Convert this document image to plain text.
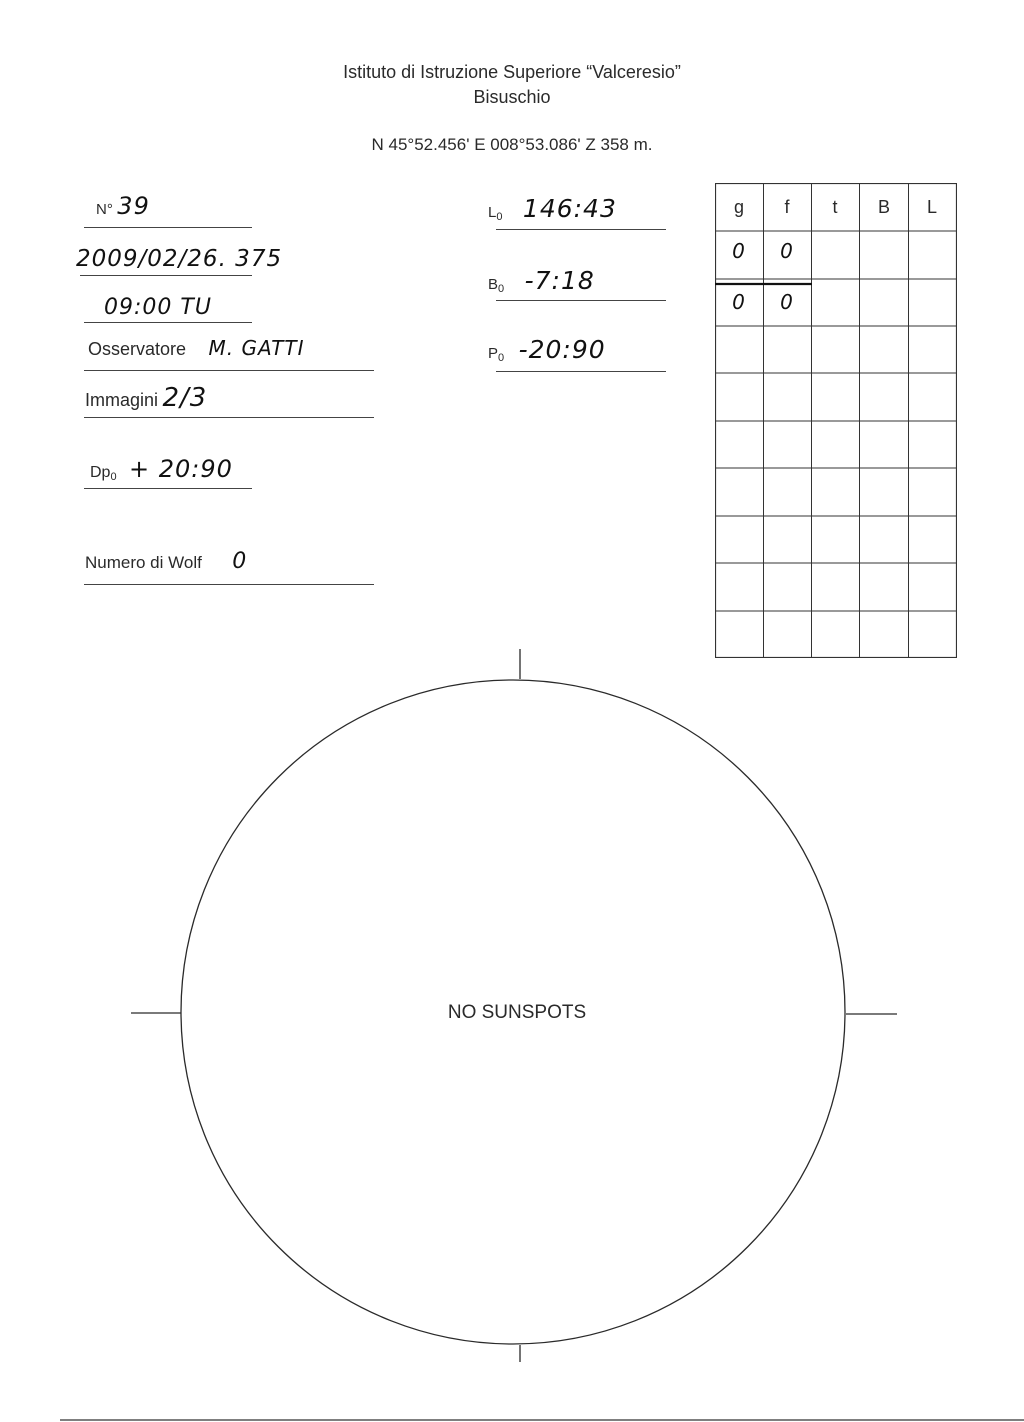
Istituto di Istruzione Superiore “Valceresio”
Bisuschio
N 45°52.456' E 008°53.086' Z 358 m.
N° 39
2009/02/26. 375
09:00 TU
Osservatore M. GATTI
Immagini 2/3
$Dp_0$ + 20:90
Numero di Wolf 0
$L_0$ 146:43
$B_0$ -7:18
$P_0$ -20:90
g	f	t	B	L
0	0
0	0
NO SUNSPOTS
